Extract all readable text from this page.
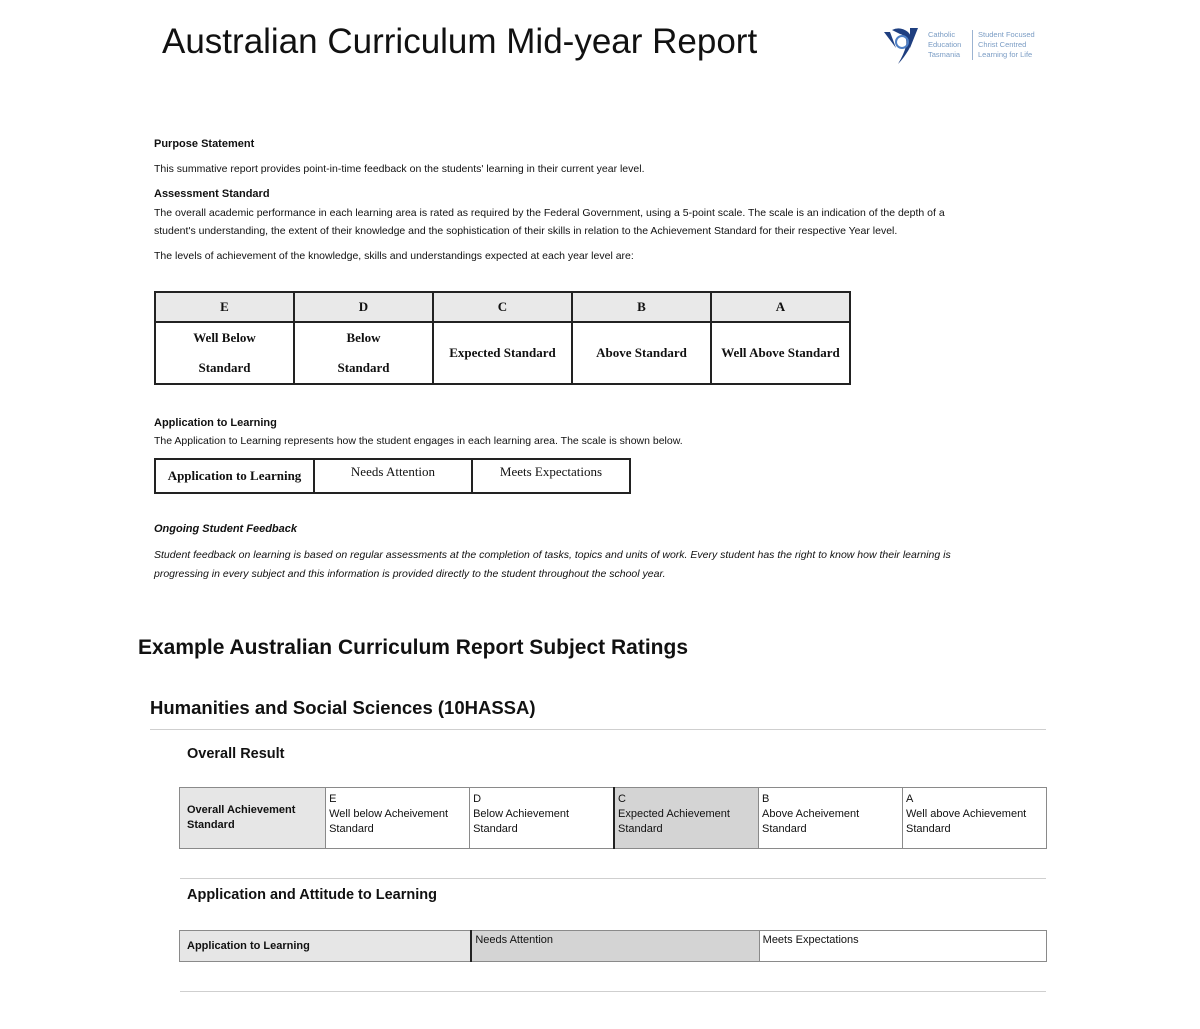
Australian Curriculum Mid-year Report	Catholic
Education
Tasmania
Student Focused
Christ Centred
Learning for Life
Purpose Statement
This summative report provides point-in-time feedback on the students' learning in their current year level.
Assessment Standard
The overall academic performance in each learning area is rated as required by the Federal Government, using a 5-point scale. The scale is an indication of the depth of a
student's understanding, the extent of their knowledge and the sophistication of their skills in relation to the Achievement Standard for their respective Year level.
The levels of achievement of the knowledge, skills and understandings expected at each year level are:
E	D	C	B	A
Well Below
Standard	Below
Standard	Expected Standard	Above Standard	Well Above Standard
Application to Learning
The Application to Learning represents how the student engages in each learning area. The scale is shown below.
Application to Learning	Needs Attention	Meets Expectations
Ongoing Student Feedback
Student feedback on learning is based on regular assessments at the completion of tasks, topics and units of work. Every student has the right to know how their learning is
progressing in every subject and this information is provided directly to the student throughout the school year.
Example Australian Curriculum Report Subject Ratings
Humanities and Social Sciences (10HASSA)
Overall Result
Overall Achievement
Standard	E
Well below Acheivement
Standard	D
Below Achievement
Standard	C
Expected Achievement
Standard	B
Above Acheivement
Standard	A
Well above Achievement
Standard
Application and Attitude to Learning
Application to Learning	Needs Attention	Meets Expectations
